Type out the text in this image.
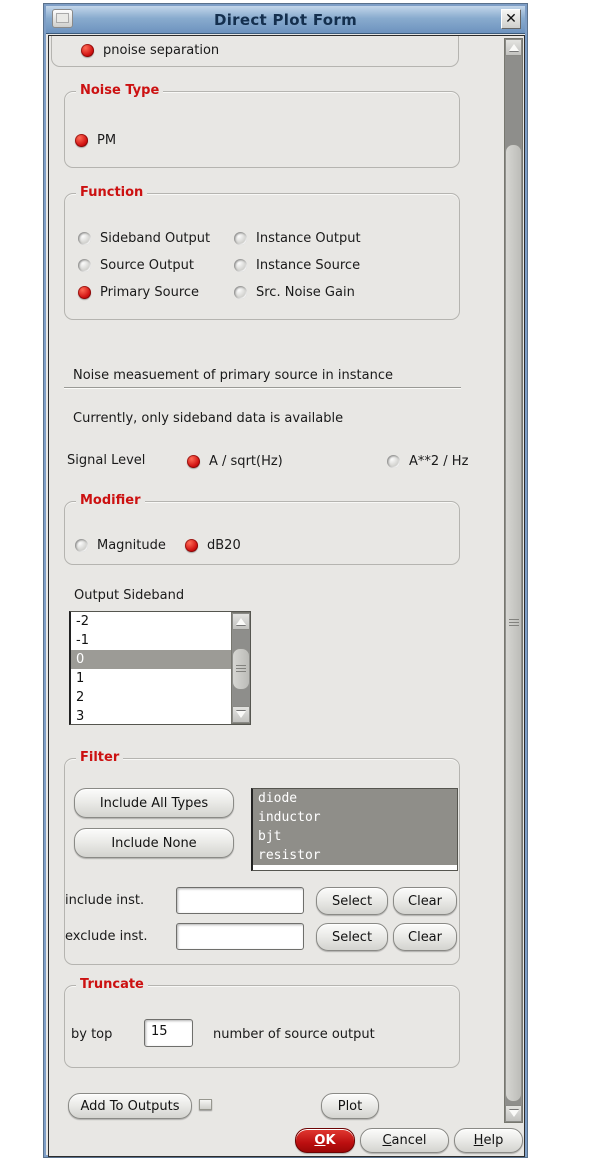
Direct Plot Form	✕
pnoise separation
Noise Type
PM
Function
Sideband Output	Instance Output
Source Output	Instance Source
Primary Source	Src. Noise Gain
Noise measuement of primary source in instance
Currently, only sideband data is available
Signal Level	A / sqrt(Hz)	A**2 / Hz
Modifier
Magnitude	dB20
Output Sideband
-2
-1
0
1
2
3
Filter
Include All Types
Include None
diode
inductor
bjt
resistor
include inst.	Select	Clear
exclude inst.	Select	Clear
Truncate
by top	15	number of source output
Add To Outputs	Plot
OK	Cancel	Help
